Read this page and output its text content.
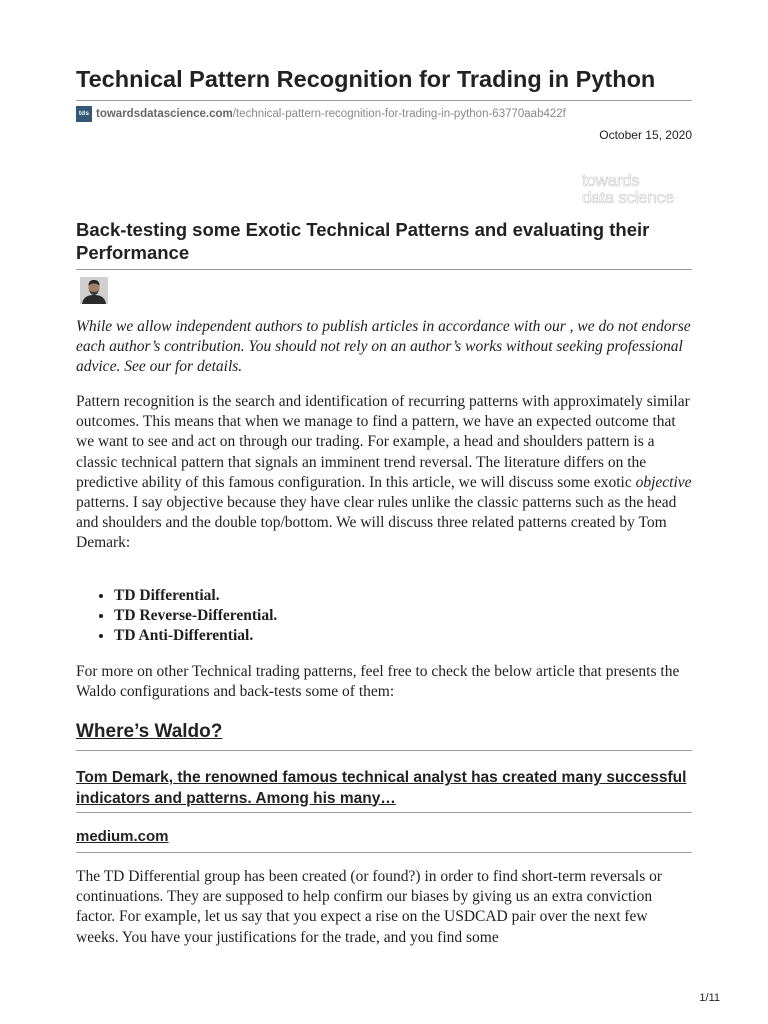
Technical Pattern Recognition for Trading in Python
tds towardsdatascience.com/technical-pattern-recognition-for-trading-in-python-63770aab422f
October 15, 2020
towards
data science
Back-testing some Exotic Technical Patterns and evaluating their Performance

While we allow independent authors to publish articles in accordance with our , we do not endorse each author’s contribution. You should not rely on an author’s works without seeking professional advice. See our for details.

Pattern recognition is the search and identification of recurring patterns with approximately similar outcomes. This means that when we manage to find a pattern, we have an expected outcome that we want to see and act on through our trading. For example, a head and shoulders pattern is a classic technical pattern that signals an imminent trend reversal. The literature differs on the predictive ability of this famous configuration. In this article, we will discuss some exotic objective patterns. I say objective because they have clear rules unlike the classic patterns such as the head and shoulders and the double top/bottom. We will discuss three related patterns created by Tom Demark:

• TD Differential.
• TD Reverse-Differential.
• TD Anti-Differential.

For more on other Technical trading patterns, feel free to check the below article that presents the Waldo configurations and back-tests some of them:

Where’s Waldo?
Tom Demark, the renowned famous technical analyst has created many successful indicators and patterns. Among his many…
medium.com

The TD Differential group has been created (or found?) in order to find short-term reversals or continuations. They are supposed to help confirm our biases by giving us an extra conviction factor. For example, let us say that you expect a rise on the USDCAD pair over the next few weeks. You have your justifications for the trade, and you find some

1/11
